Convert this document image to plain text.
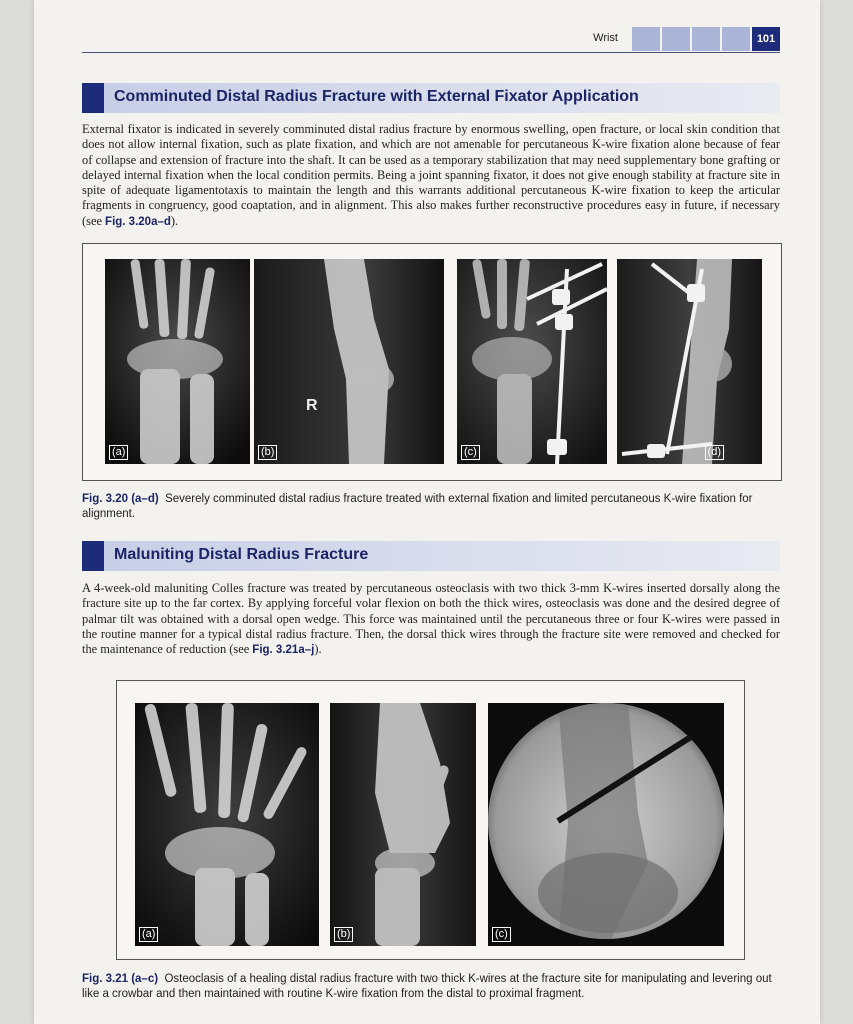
Wrist	101
Comminuted Distal Radius Fracture with External Fixator Application

External fixator is indicated in severely comminuted distal radius fracture by enormous swelling, open fracture, or local skin condition that does not allow internal fixation, such as plate fixation, and which are not amenable for percutaneous K-wire fixation alone because of fear of collapse and extension of fracture into the shaft. It can be used as a temporary stabilization that may need supplementary bone grafting or delayed internal fixation when the local condition permits. Being a joint spanning fixator, it does not give enough stability at fracture site in spite of adequate ligamentotaxis to maintain the length and this warrants additional percutaneous K-wire fixation to keep the articular fragments in congruency, good coaptation, and in alignment. This also makes further reconstructive procedures easy in future, if necessary (see Fig. 3.20a–d).

(a)
R
(b)	(c)	(d)

Fig. 3.20 (a–d) Severely comminuted distal radius fracture treated with external fixation and limited percutaneous K-wire fixation for alignment.

Maluniting Distal Radius Fracture

A 4-week-old maluniting Colles fracture was treated by percutaneous osteoclasis with two thick 3-mm K-wires inserted dorsally along the fracture site up to the far cortex. By applying forceful volar flexion on both the thick wires, osteoclasis was done and the desired degree of palmar tilt was obtained with a dorsal open wedge. This force was maintained until the percutaneous three or four K-wires were passed in the routine manner for a typical distal radius fracture. Then, the dorsal thick wires through the fracture site were removed and checked for the maintenance of reduction (see Fig. 3.21a–j).

(a)	(b)	(c)

Fig. 3.21 (a–c) Osteoclasis of a healing distal radius fracture with two thick K-wires at the fracture site for manipulating and levering out like a crowbar and then maintained with routine K-wire fixation from the distal to proximal fragment.
